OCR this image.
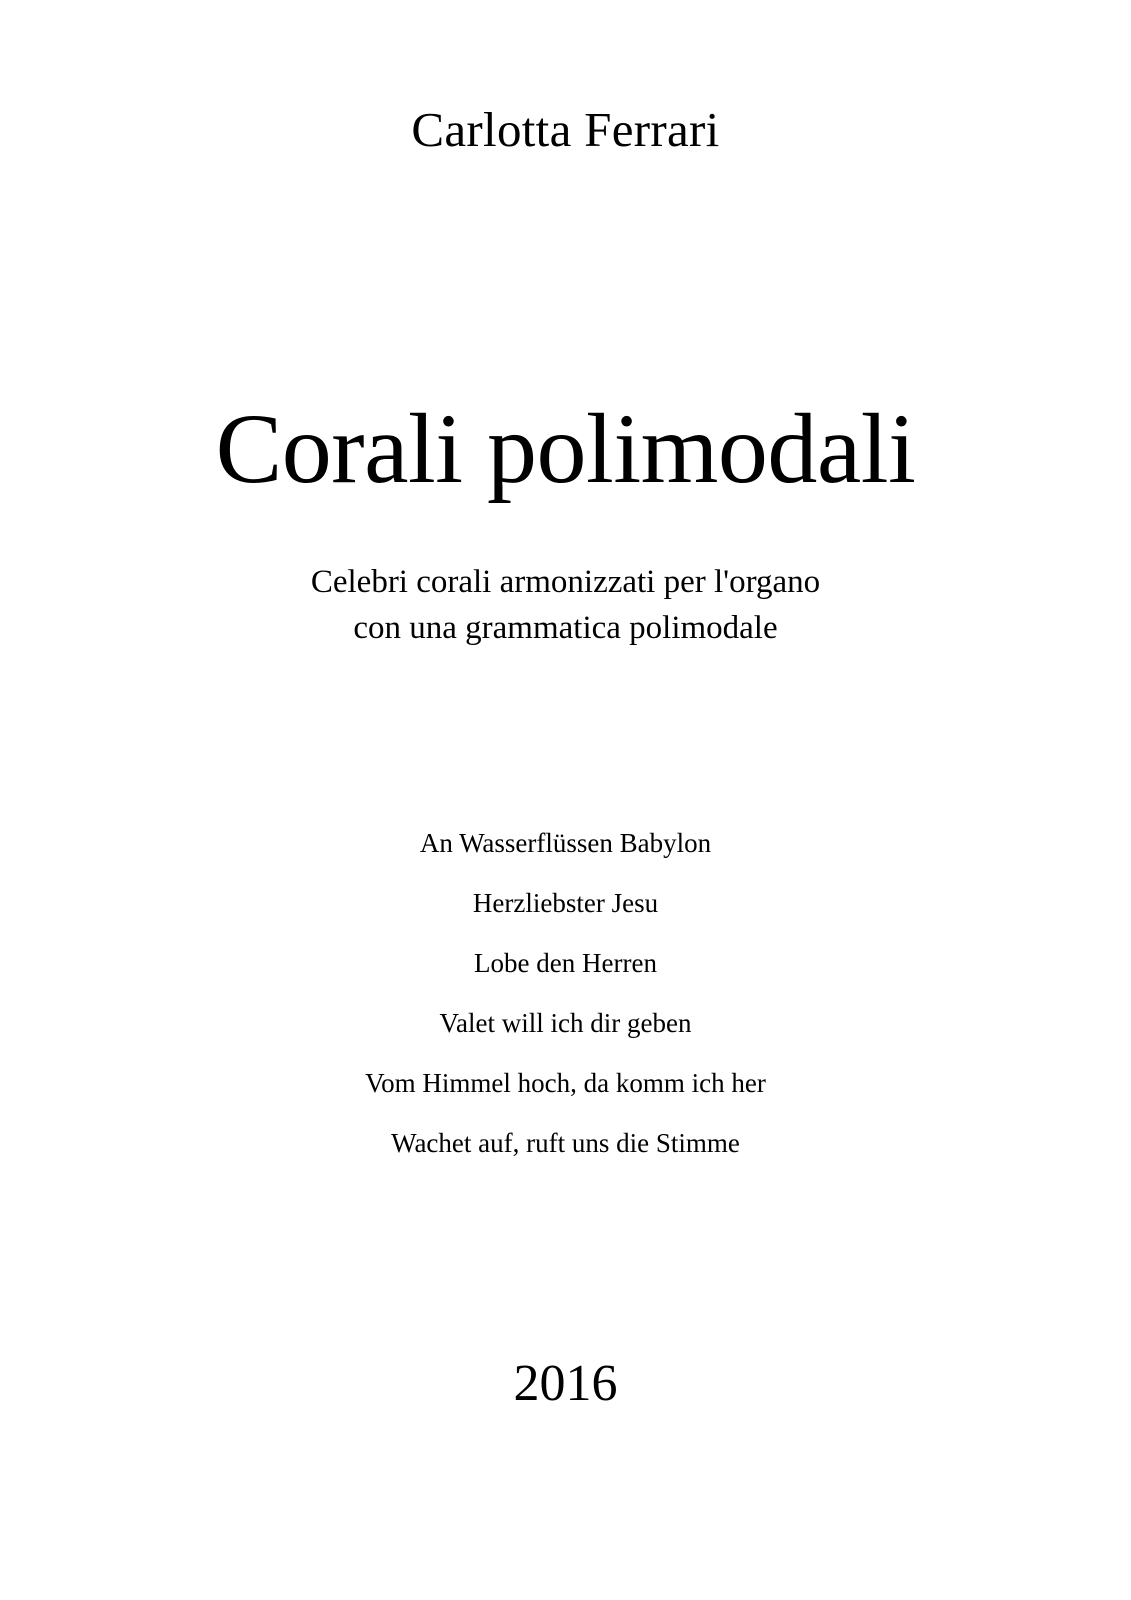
Carlotta Ferrari
Corali polimodali
Celebri corali armonizzati per l'organo
con una grammatica polimodale
An Wasserflüssen Babylon
Herzliebster Jesu
Lobe den Herren
Valet will ich dir geben
Vom Himmel hoch, da komm ich her
Wachet auf, ruft uns die Stimme
2016
